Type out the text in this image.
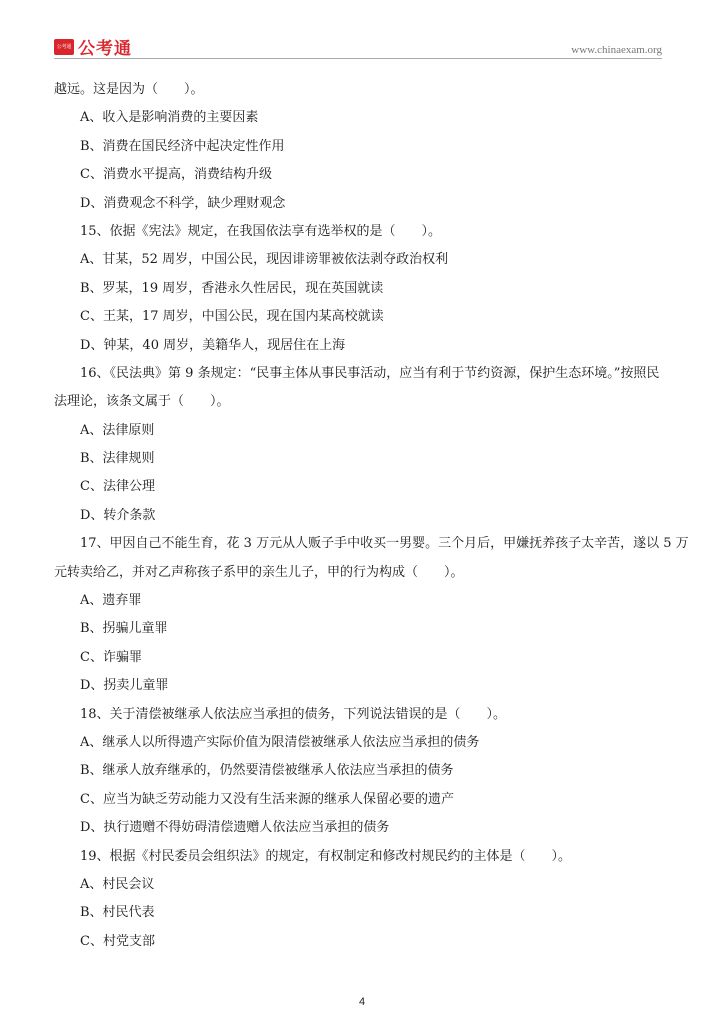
公考通 公考通	www.chinaexam.org
越远。这是因为（　　）。
A、收入是影响消费的主要因素
B、消费在国民经济中起决定性作用
C、消费水平提高，消费结构升级
D、消费观念不科学，缺少理财观念
15、依据《宪法》规定，在我国依法享有选举权的是（　　）。
A、甘某，52 周岁，中国公民，现因诽谤罪被依法剥夺政治权利
B、罗某，19 周岁，香港永久性居民，现在英国就读
C、王某，17 周岁，中国公民，现在国内某高校就读
D、钟某，40 周岁，美籍华人，现居住在上海
16、《民法典》第 9 条规定：“民事主体从事民事活动，应当有利于节约资源，保护生态环境。”按照民
法理论，该条文属于（　　）。
A、法律原则
B、法律规则
C、法律公理
D、转介条款
17、甲因自己不能生育，花 3 万元从人贩子手中收买一男婴。三个月后，甲嫌抚养孩子太辛苦，遂以 5 万
元转卖给乙，并对乙声称孩子系甲的亲生儿子，甲的行为构成（　　）。
A、遗弃罪
B、拐骗儿童罪
C、诈骗罪
D、拐卖儿童罪
18、关于清偿被继承人依法应当承担的债务，下列说法错误的是（　　）。
A、继承人以所得遗产实际价值为限清偿被继承人依法应当承担的债务
B、继承人放弃继承的，仍然要清偿被继承人依法应当承担的债务
C、应当为缺乏劳动能力又没有生活来源的继承人保留必要的遗产
D、执行遗赠不得妨碍清偿遗赠人依法应当承担的债务
19、根据《村民委员会组织法》的规定，有权制定和修改村规民约的主体是（　　）。
A、村民会议
B、村民代表
C、村党支部
4
